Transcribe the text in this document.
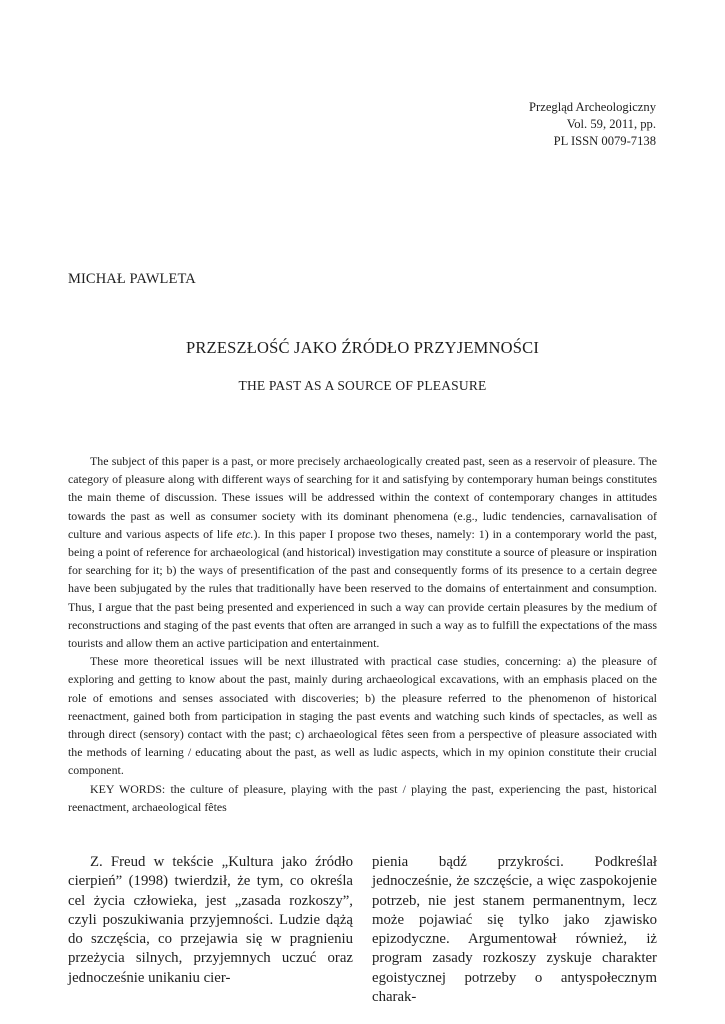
Przegląd Archeologiczny
Vol. 59, 2011, pp.
PL ISSN 0079-7138
MICHAŁ PAWLETA
PRZESZŁOŚĆ JAKO ŹRÓDŁO PRZYJEMNOŚCI
THE PAST AS A SOURCE OF PLEASURE

The subject of this paper is a past, or more precisely archaeologically created past, seen as a reservoir of pleasure. The category of pleasure along with different ways of searching for it and satisfying by contemporary human beings constitutes the main theme of discussion. These issues will be addressed within the context of contemporary changes in attitudes towards the past as well as consumer society with its dominant phenomena (e.g., ludic tendencies, carnavalisation of culture and various aspects of life etc.). In this paper I propose two theses, namely: 1) in a contemporary world the past, being a point of reference for archaeological (and historical) investigation may constitute a source of pleasure or inspiration for searching for it; b) the ways of presentification of the past and consequently forms of its presence to a certain degree have been subjugated by the rules that traditionally have been reserved to the domains of entertainment and consumption. Thus, I argue that the past being presented and experienced in such a way can provide certain pleasures by the medium of reconstructions and staging of the past events that often are arranged in such a way as to fulfill the expectations of the mass tourists and allow them an active participation and entertainment.

These more theoretical issues will be next illustrated with practical case studies, concerning: a) the pleasure of exploring and getting to know about the past, mainly during archaeological excavations, with an emphasis placed on the role of emotions and senses associated with discoveries; b) the pleasure referred to the phenomenon of historical reenactment, gained both from participation in staging the past events and watching such kinds of spectacles, as well as through direct (sensory) contact with the past; c) archaeological fêtes seen from a perspective of pleasure associated with the methods of learning / educating about the past, as well as ludic aspects, which in my opinion constitute their crucial component.

KEY WORDS: the culture of pleasure, playing with the past / playing the past, experiencing the past, historical reenactment, archaeological fêtes

Z. Freud w tekście „Kultura jako źródło cierpień” (1998) twierdził, że tym, co określa cel życia człowieka, jest „zasada rozkoszy”, czyli poszukiwania przyjemności. Ludzie dążą do szczęścia, co przejawia się w pragnieniu przeżycia silnych, przyjemnych uczuć oraz jednocześnie unikaniu cier-

pienia bądź przykrości. Podkreślał jednocześnie, że szczęście, a więc zaspokojenie potrzeb, nie jest stanem permanentnym, lecz może pojawiać się tylko jako zjawisko epizodyczne. Argumentował również, iż program zasady rozkoszy zyskuje charakter egoistycznej potrzeby o antyspołecznym charak-
